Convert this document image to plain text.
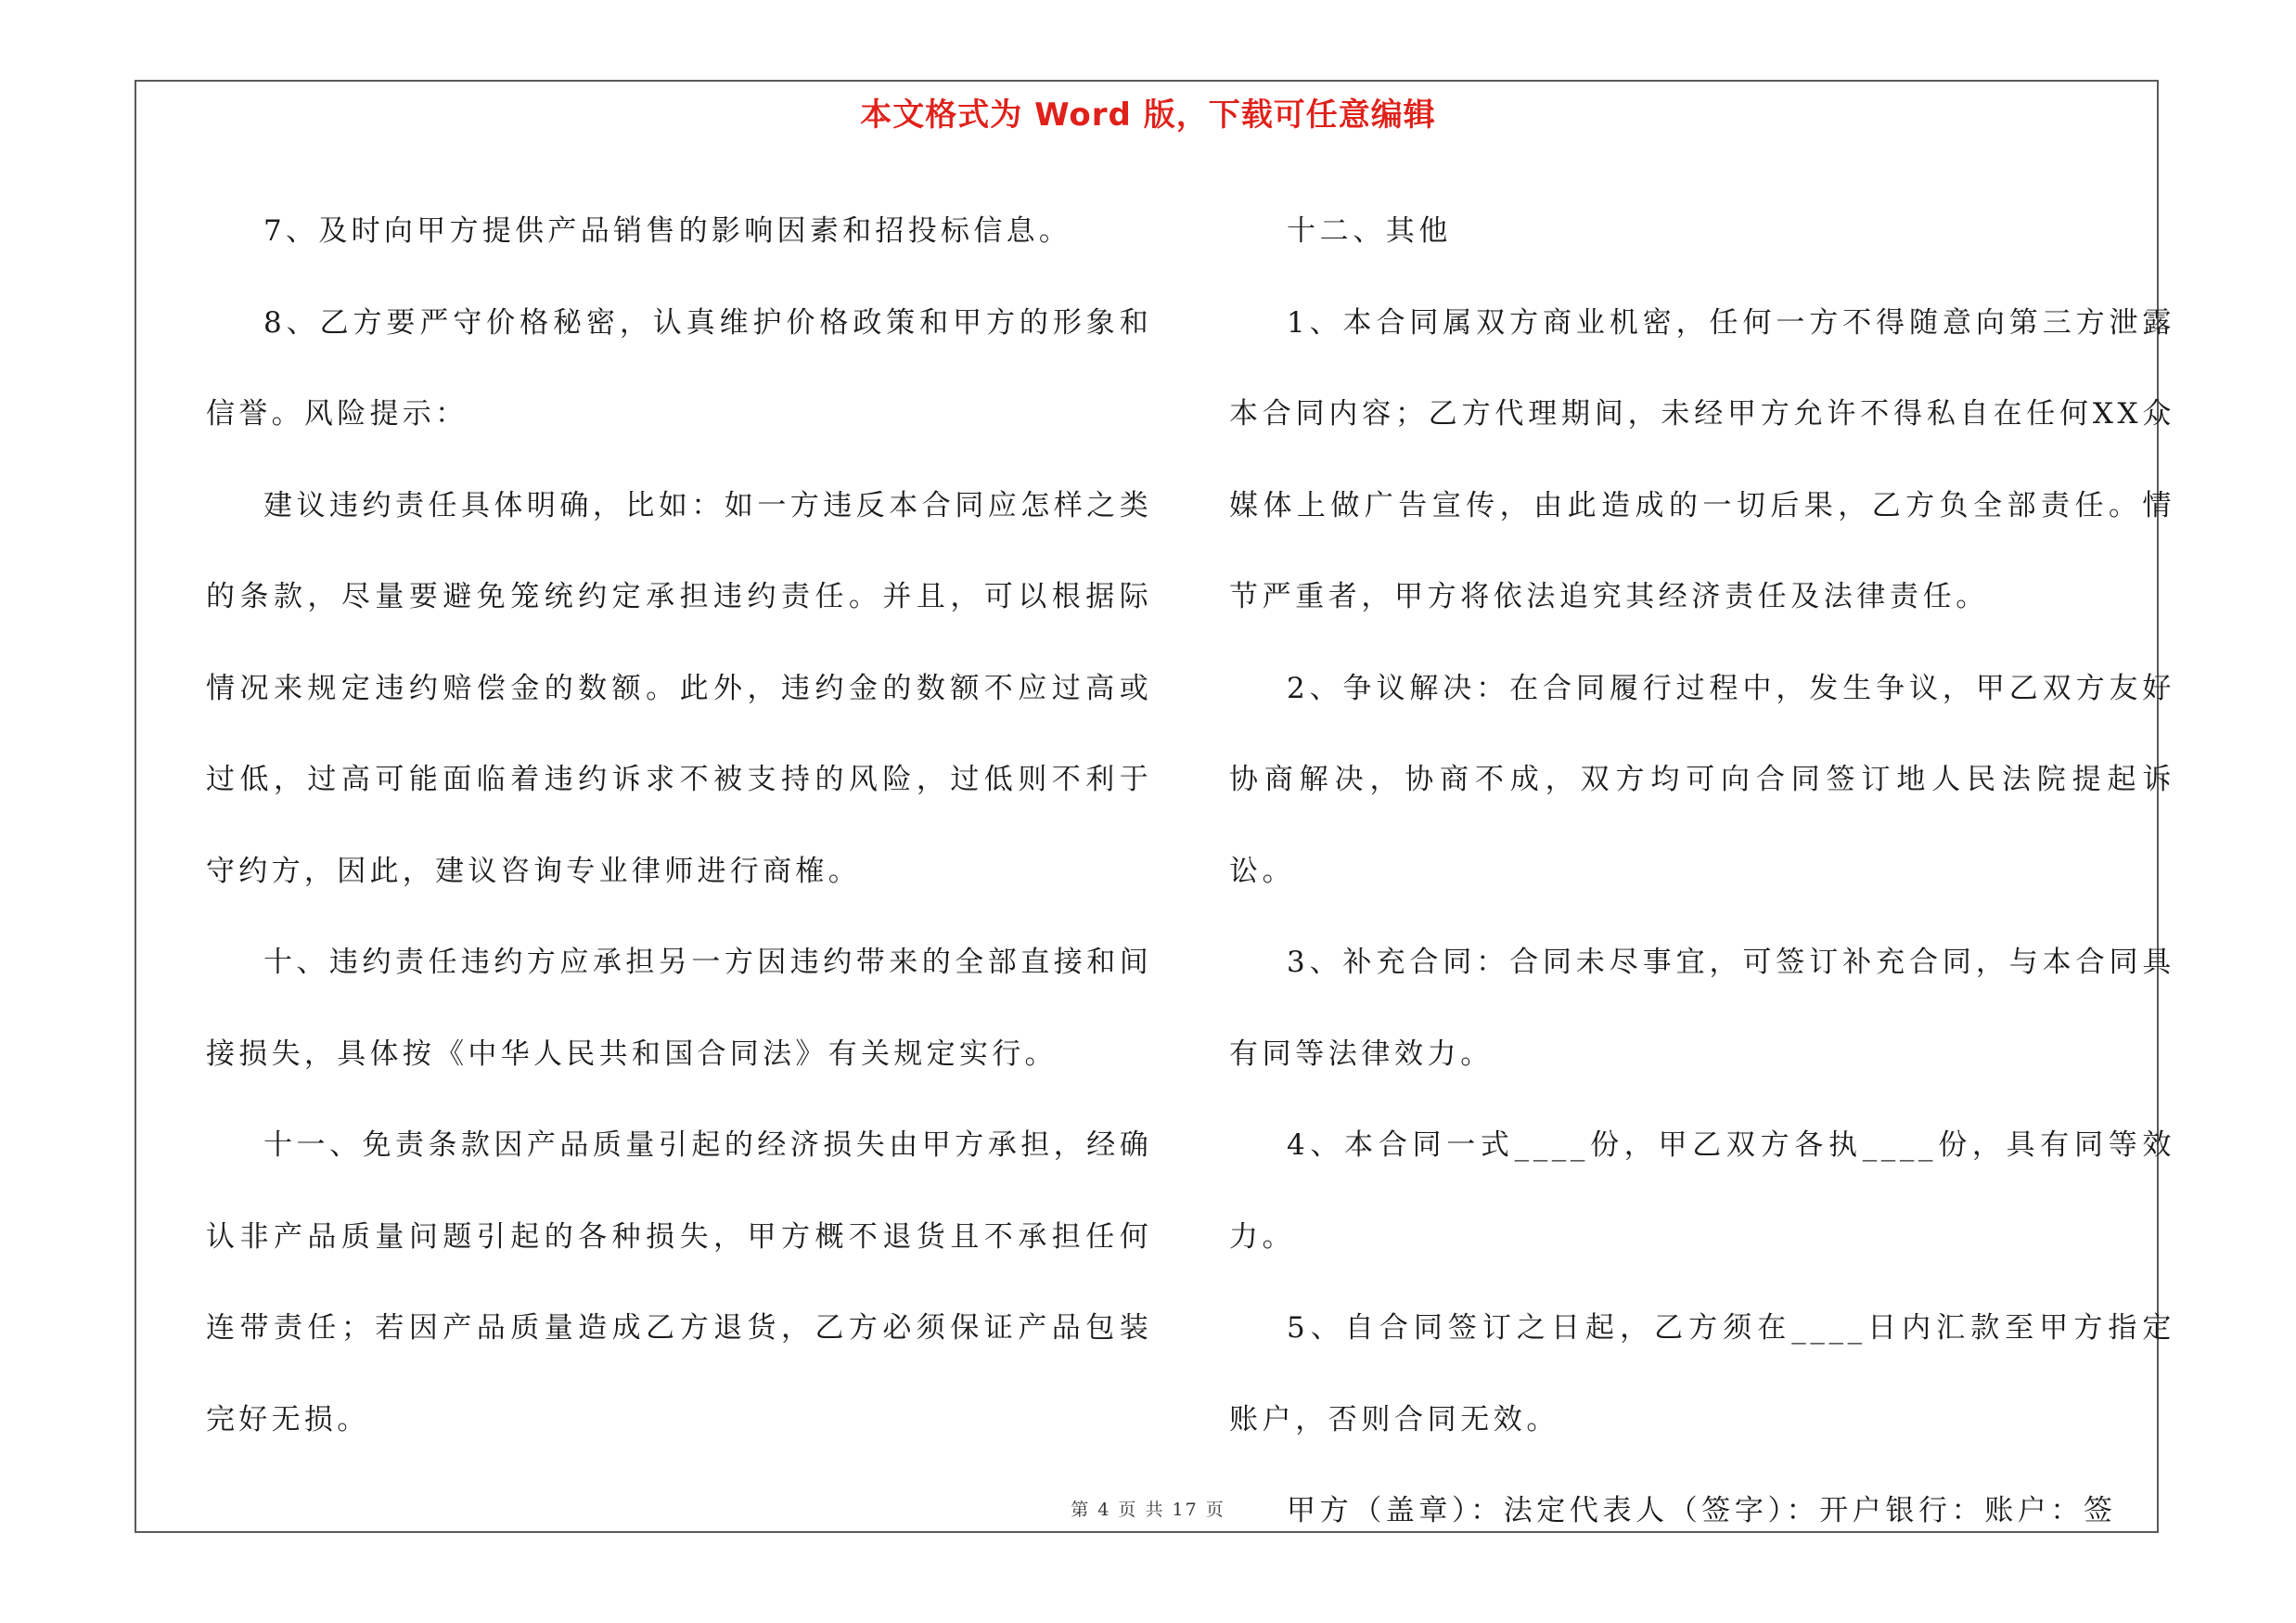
本文格式为 Word 版，下载可任意编辑

7、及时向甲方提供产品销售的影响因素和招投标信息。

8、乙方要严守价格秘密，认真维护价格政策和甲方的形象和信誉。风险提示：

建议违约责任具体明确，比如：如一方违反本合同应怎样之类的条款，尽量要避免笼统约定承担违约责任。并且，可以根据际情况来规定违约赔偿金的数额。此外，违约金的数额不应过高或过低，过高可能面临着违约诉求不被支持的风险，过低则不利于守约方，因此，建议咨询专业律师进行商榷。

十、违约责任违约方应承担另一方因违约带来的全部直接和间接损失，具体按《中华人民共和国合同法》有关规定实行。

十一、免责条款因产品质量引起的经济损失由甲方承担，经确认非产品质量问题引起的各种损失，甲方概不退货且不承担任何连带责任；若因产品质量造成乙方退货，乙方必须保证产品包装完好无损。

十二、其他

1、本合同属双方商业机密，任何一方不得随意向第三方泄露本合同内容；乙方代理期间，未经甲方允许不得私自在任何XX众媒体上做广告宣传，由此造成的一切后果，乙方负全部责任。情节严重者，甲方将依法追究其经济责任及法律责任。

2、争议解决：在合同履行过程中，发生争议，甲乙双方友好协商解决，协商不成，双方均可向合同签订地人民法院提起诉讼。

3、补充合同：合同未尽事宜，可签订补充合同，与本合同具有同等法律效力。

4、本合同一式____份，甲乙双方各执____份，具有同等效力。

5、自合同签订之日起，乙方须在____日内汇款至甲方指定账户，否则合同无效。

甲方（盖章）：法定代表人（签字）：开户银行：账户：签

第 4 页 共 17 页
